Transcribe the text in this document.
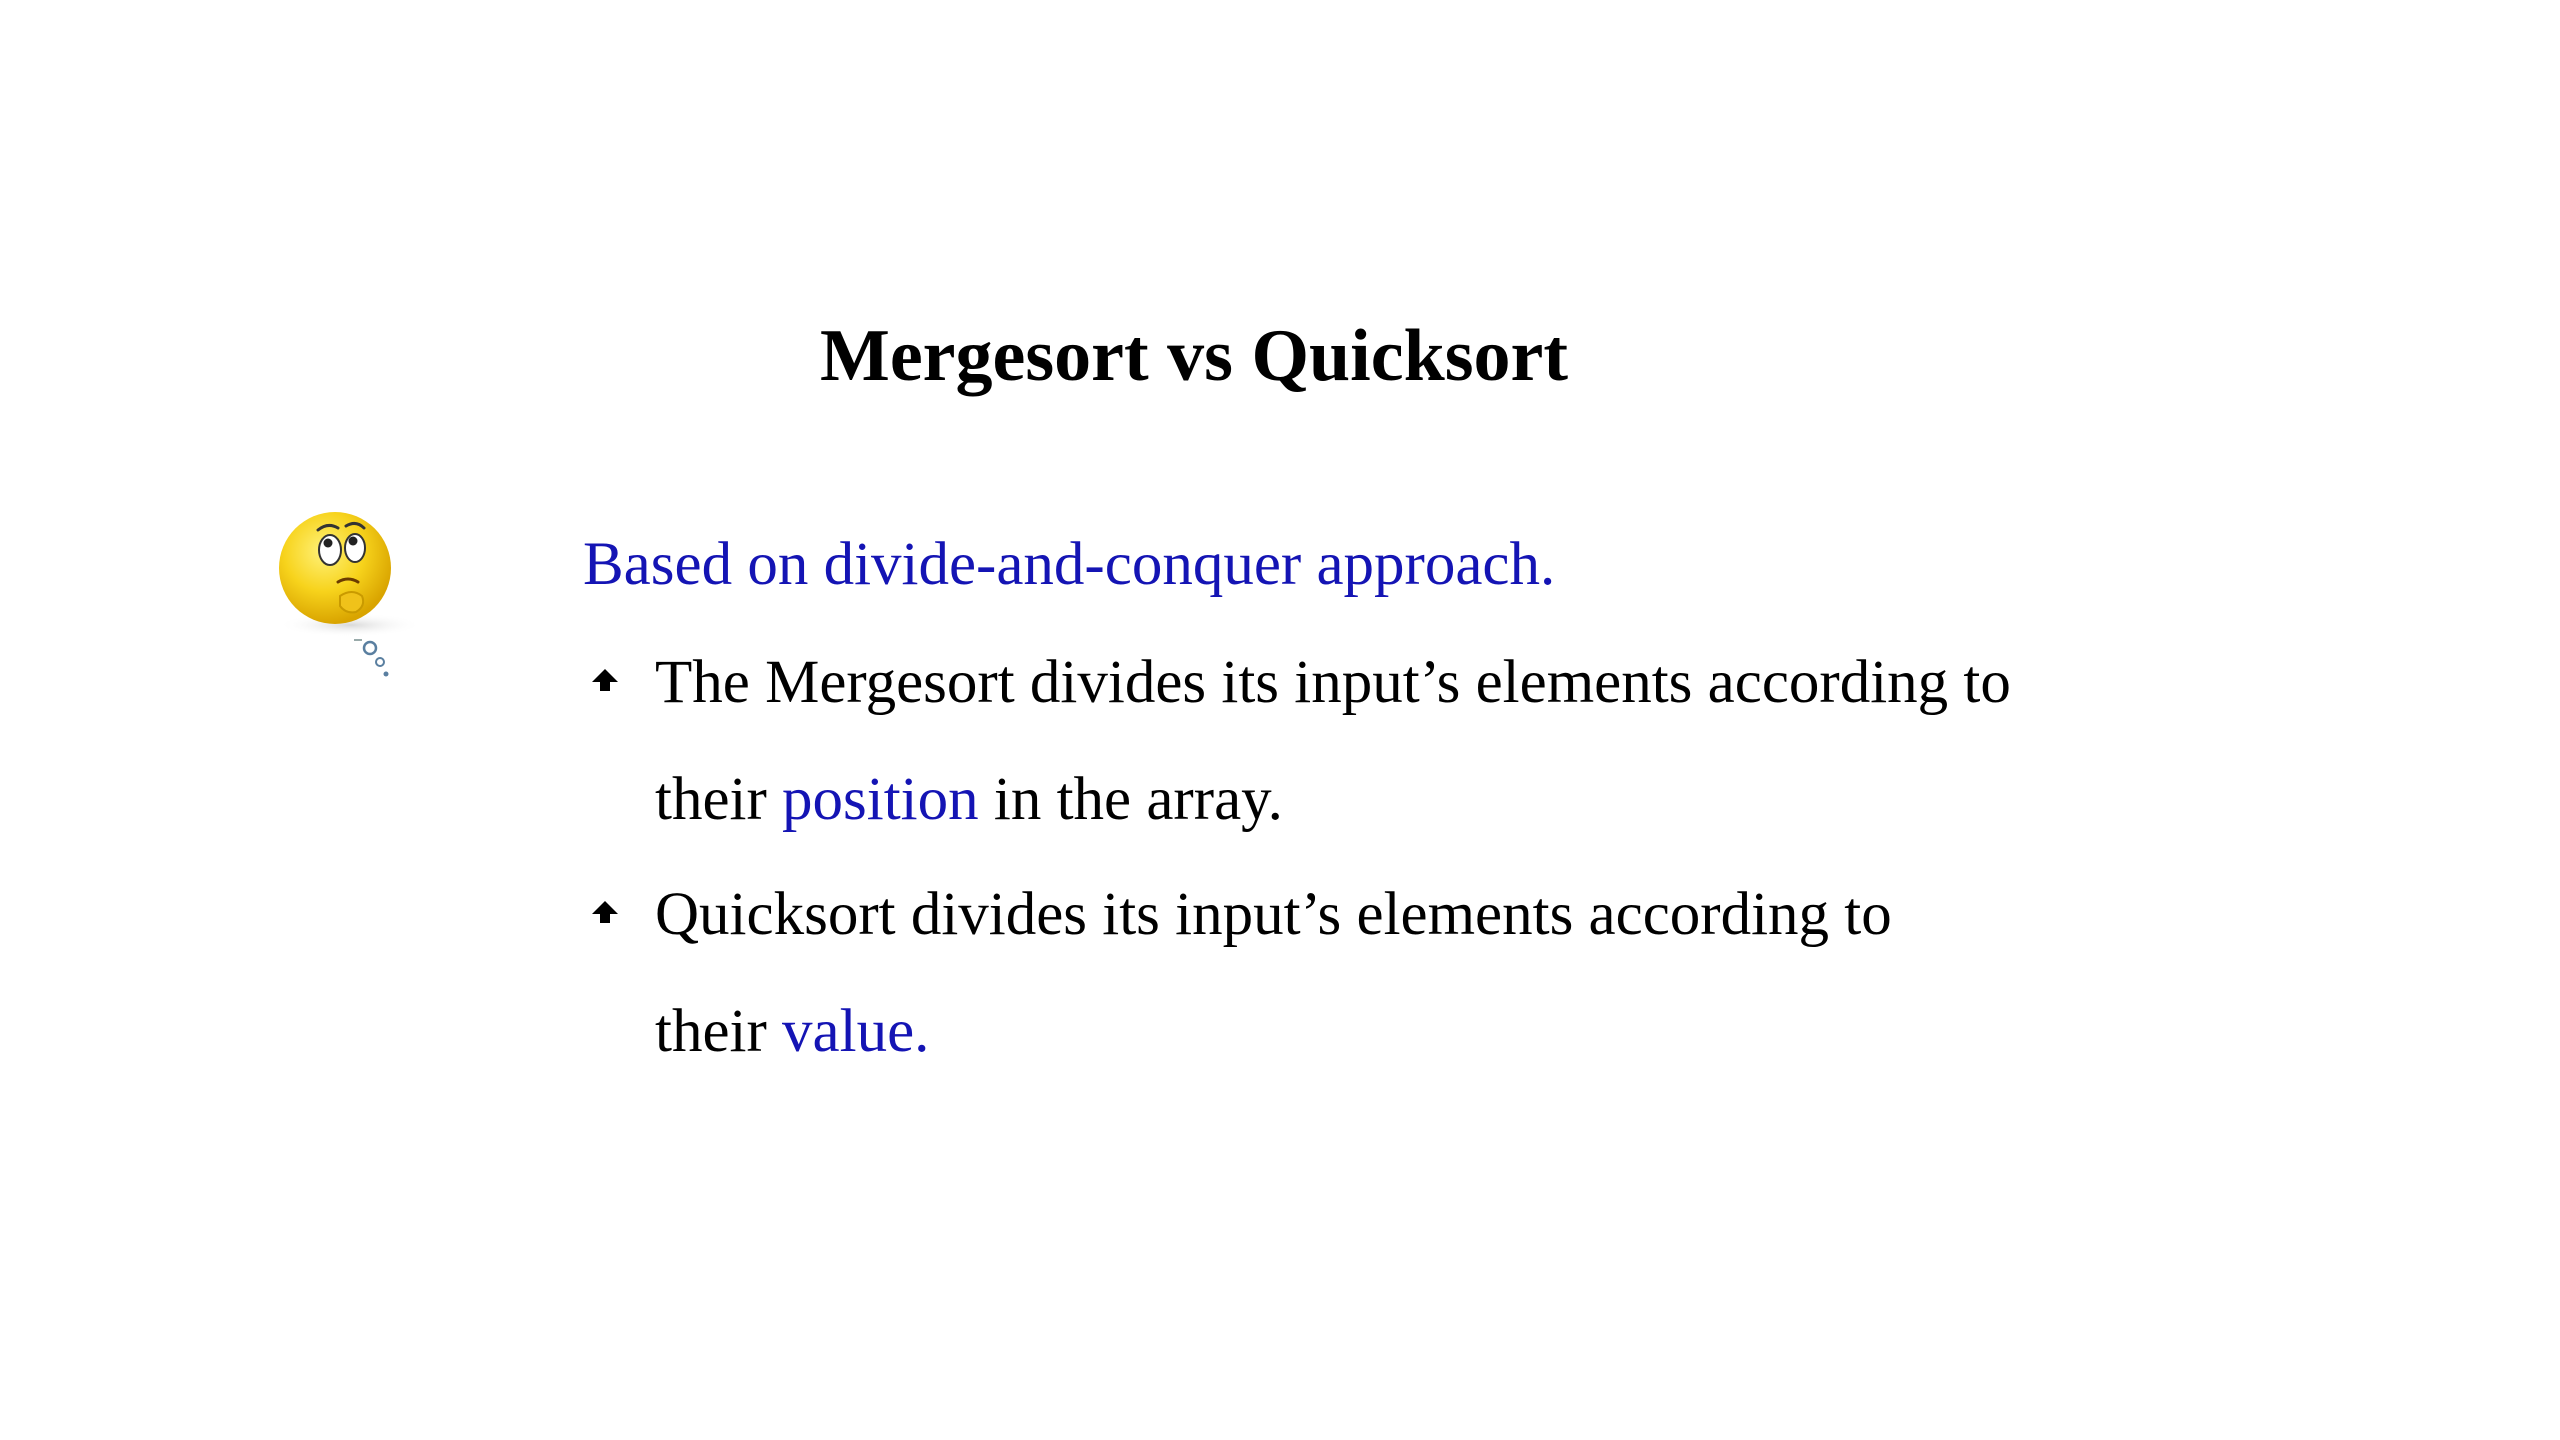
Mergesort vs Quicksort
Based on divide-and-conquer approach.
The Mergesort divides its input’s elements according to
their position in the array.
Quicksort divides its input’s elements according to
their value.
